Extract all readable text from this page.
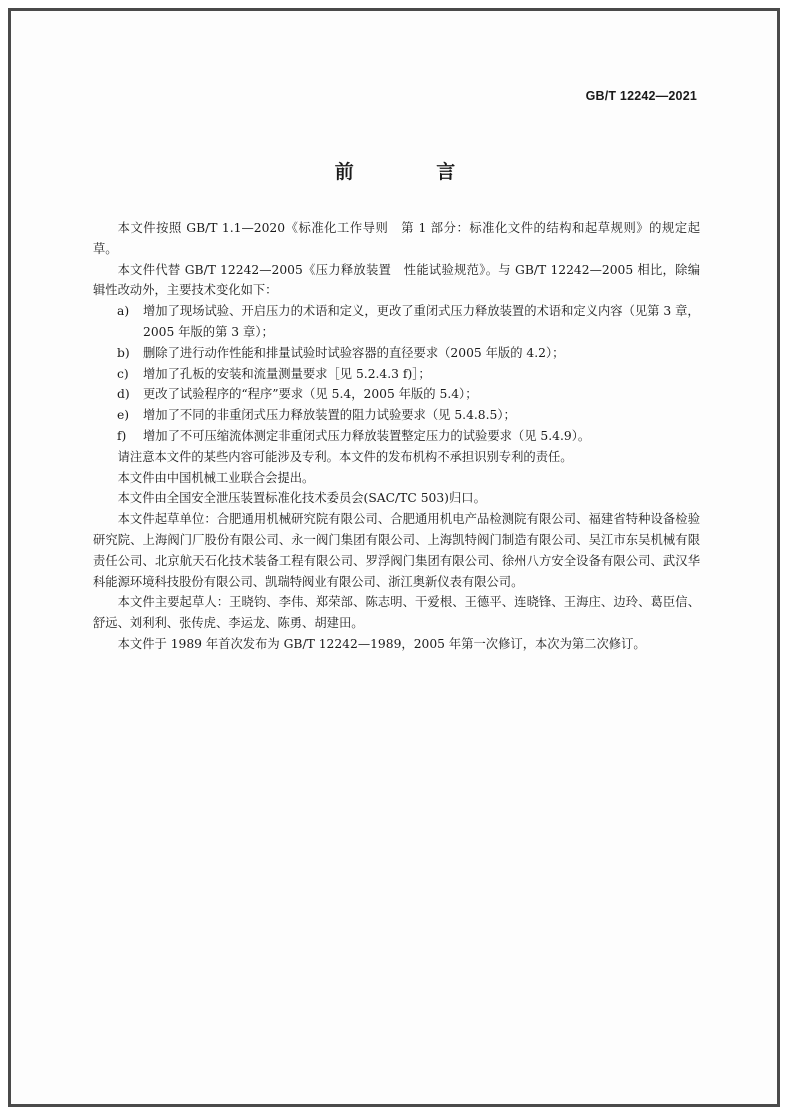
GB/T 12242—2021
前 言

本文件按照 GB/T 1.1—2020《标准化工作导则　第 1 部分：标准化文件的结构和起草规则》的规定起草。

本文件代替 GB/T 12242—2005《压力释放装置　性能试验规范》。与 GB/T 12242—2005 相比，除编辑性改动外，主要技术变化如下：

a) 增加了现场试验、开启压力的术语和定义，更改了重闭式压力释放装置的术语和定义内容（见第 3 章，2005 年版的第 3 章）；

b) 删除了进行动作性能和排量试验时试验容器的直径要求（2005 年版的 4.2）；

c) 增加了孔板的安装和流量测量要求［见 5.2.4.3 f)］；

d) 更改了试验程序的“程序”要求（见 5.4，2005 年版的 5.4）；

e) 增加了不同的非重闭式压力释放装置的阻力试验要求（见 5.4.8.5）；

f) 增加了不可压缩流体测定非重闭式压力释放装置整定压力的试验要求（见 5.4.9）。

请注意本文件的某些内容可能涉及专利。本文件的发布机构不承担识别专利的责任。

本文件由中国机械工业联合会提出。

本文件由全国安全泄压装置标准化技术委员会(SAC/TC 503)归口。

本文件起草单位：合肥通用机械研究院有限公司、合肥通用机电产品检测院有限公司、福建省特种设备检验研究院、上海阀门厂股份有限公司、永一阀门集团有限公司、上海凯特阀门制造有限公司、吴江市东吴机械有限责任公司、北京航天石化技术装备工程有限公司、罗浮阀门集团有限公司、徐州八方安全设备有限公司、武汉华科能源环境科技股份有限公司、凯瑞特阀业有限公司、浙江奥新仪表有限公司。

本文件主要起草人：王晓钧、李伟、郑荣部、陈志明、干爱根、王德平、连晓锋、王海庄、边玲、葛臣信、舒远、刘利利、张传虎、李运龙、陈勇、胡建田。

本文件于 1989 年首次发布为 GB/T 12242—1989，2005 年第一次修订，本次为第二次修订。
